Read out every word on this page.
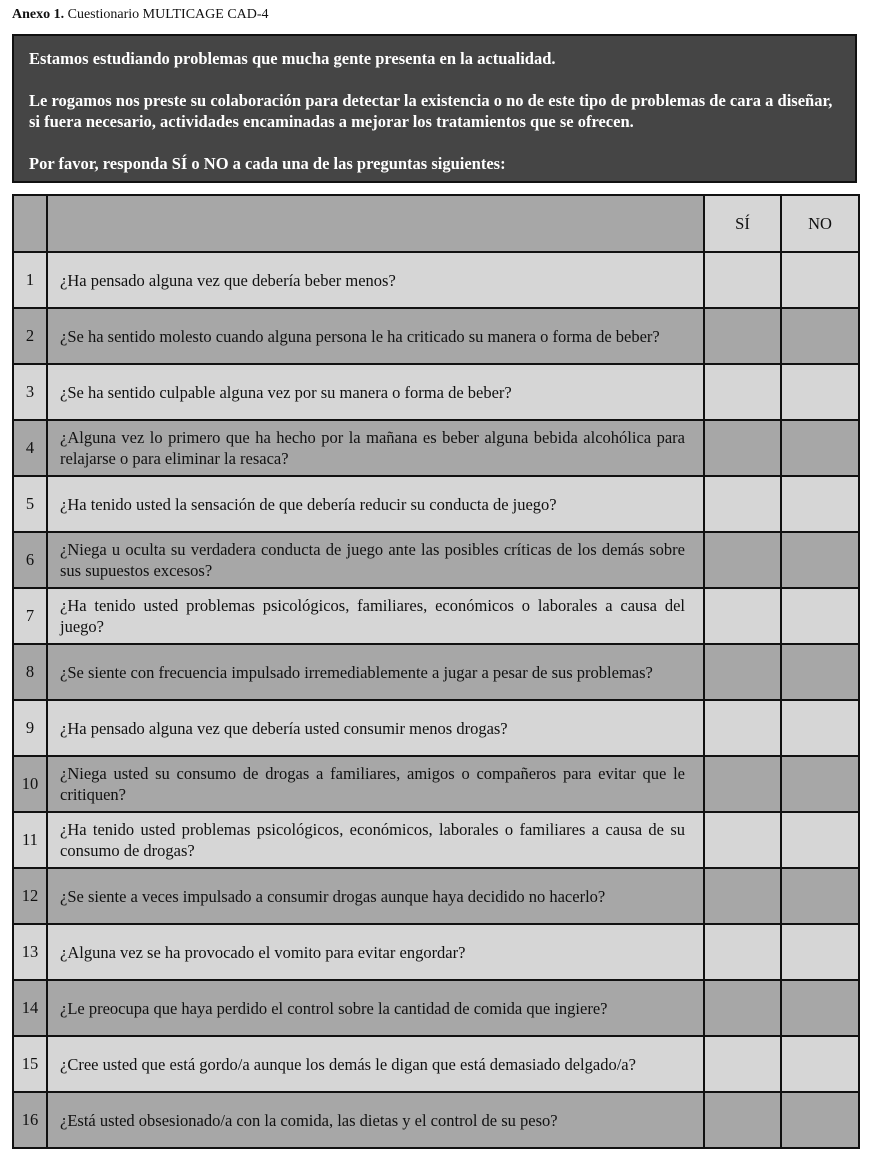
Anexo 1. Cuestionario MULTICAGE CAD-4

Estamos estudiando problemas que mucha gente presenta en la actualidad.

Le rogamos nos preste su colaboración para detectar la existencia o no de este tipo de problemas de cara a diseñar, si fuera necesario, actividades encaminadas a mejorar los tratamientos que se ofrecen.

Por favor, responda SÍ o NO a cada una de las preguntas siguientes:

		SÍ	NO
1	¿Ha pensado alguna vez que debería beber menos?		
2	¿Se ha sentido molesto cuando alguna persona le ha criticado su manera o forma de beber?		
3	¿Se ha sentido culpable alguna vez por su manera o forma de beber?		
4	¿Alguna vez lo primero que ha hecho por la mañana es beber alguna bebida alcohólica para relajarse o para eliminar la resaca?		
5	¿Ha tenido usted la sensación de que debería reducir su conducta de juego?		
6	¿Niega u oculta su verdadera conducta de juego ante las posibles críticas de los demás sobre sus supuestos excesos?		
7	¿Ha tenido usted problemas psicológicos, familiares, económicos o laborales a causa del juego?		
8	¿Se siente con frecuencia impulsado irremediablemente a jugar a pesar de sus problemas?		
9	¿Ha pensado alguna vez que debería usted consumir menos drogas?		
10	¿Niega usted su consumo de drogas a familiares, amigos o compañeros para evitar que le critiquen?		
11	¿Ha tenido usted problemas psicológicos, económicos, laborales o familiares a causa de su consumo de drogas?		
12	¿Se siente a veces impulsado a consumir drogas aunque haya decidido no hacerlo?		
13	¿Alguna vez se ha provocado el vomito para evitar engordar?		
14	¿Le preocupa que haya perdido el control sobre la cantidad de comida que ingiere?		
15	¿Cree usted que está gordo/a aunque los demás le digan que está demasiado delgado/a?		
16	¿Está usted obsesionado/a con la comida, las dietas y el control de su peso?		
